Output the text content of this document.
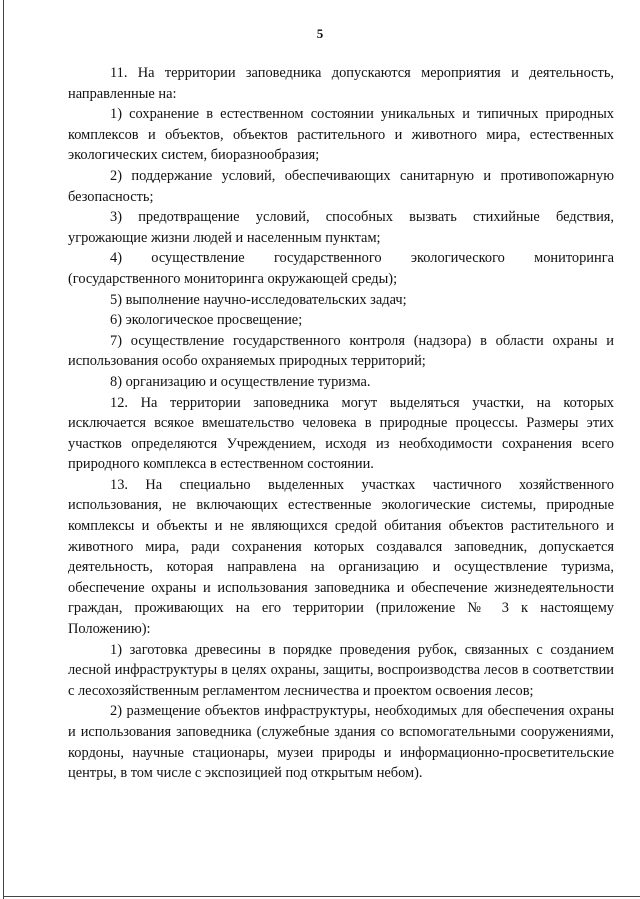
5

11. На территории заповедника допускаются мероприятия и деятельность, направленные на:

1) сохранение в естественном состоянии уникальных и типичных природных комплексов и объектов, объектов растительного и животного мира, естественных экологических систем, биоразнообразия;

2) поддержание условий, обеспечивающих санитарную и противопожарную безопасность;

3) предотвращение условий, способных вызвать стихийные бедствия, угрожающие жизни людей и населенным пунктам;

4) осуществление государственного экологического мониторинга (государственного мониторинга окружающей среды);

5) выполнение научно-исследовательских задач;

6) экологическое просвещение;

7) осуществление государственного контроля (надзора) в области охраны и использования особо охраняемых природных территорий;

8) организацию и осуществление туризма.

12. На территории заповедника могут выделяться участки, на которых исключается всякое вмешательство человека в природные процессы. Размеры этих участков определяются Учреждением, исходя из необходимости сохранения всего природного комплекса в естественном состоянии.

13. На специально выделенных участках частичного хозяйственного использования, не включающих естественные экологические системы, природные комплексы и объекты и не являющихся средой обитания объектов растительного и животного мира, ради сохранения которых создавался заповедник, допускается деятельность, которая направлена на организацию и осуществление туризма, обеспечение охраны и использования заповедника и обеспечение жизнедеятельности граждан, проживающих на его территории (приложение № 3 к настоящему Положению):

1) заготовка древесины в порядке проведения рубок, связанных с созданием лесной инфраструктуры в целях охраны, защиты, воспроизводства лесов в соответствии с лесохозяйственным регламентом лесничества и проектом освоения лесов;

2) размещение объектов инфраструктуры, необходимых для обеспечения охраны и использования заповедника (служебные здания со вспомогательными сооружениями, кордоны, научные стационары, музеи природы и информационно-просветительские центры, в том числе с экспозицией под открытым небом).
